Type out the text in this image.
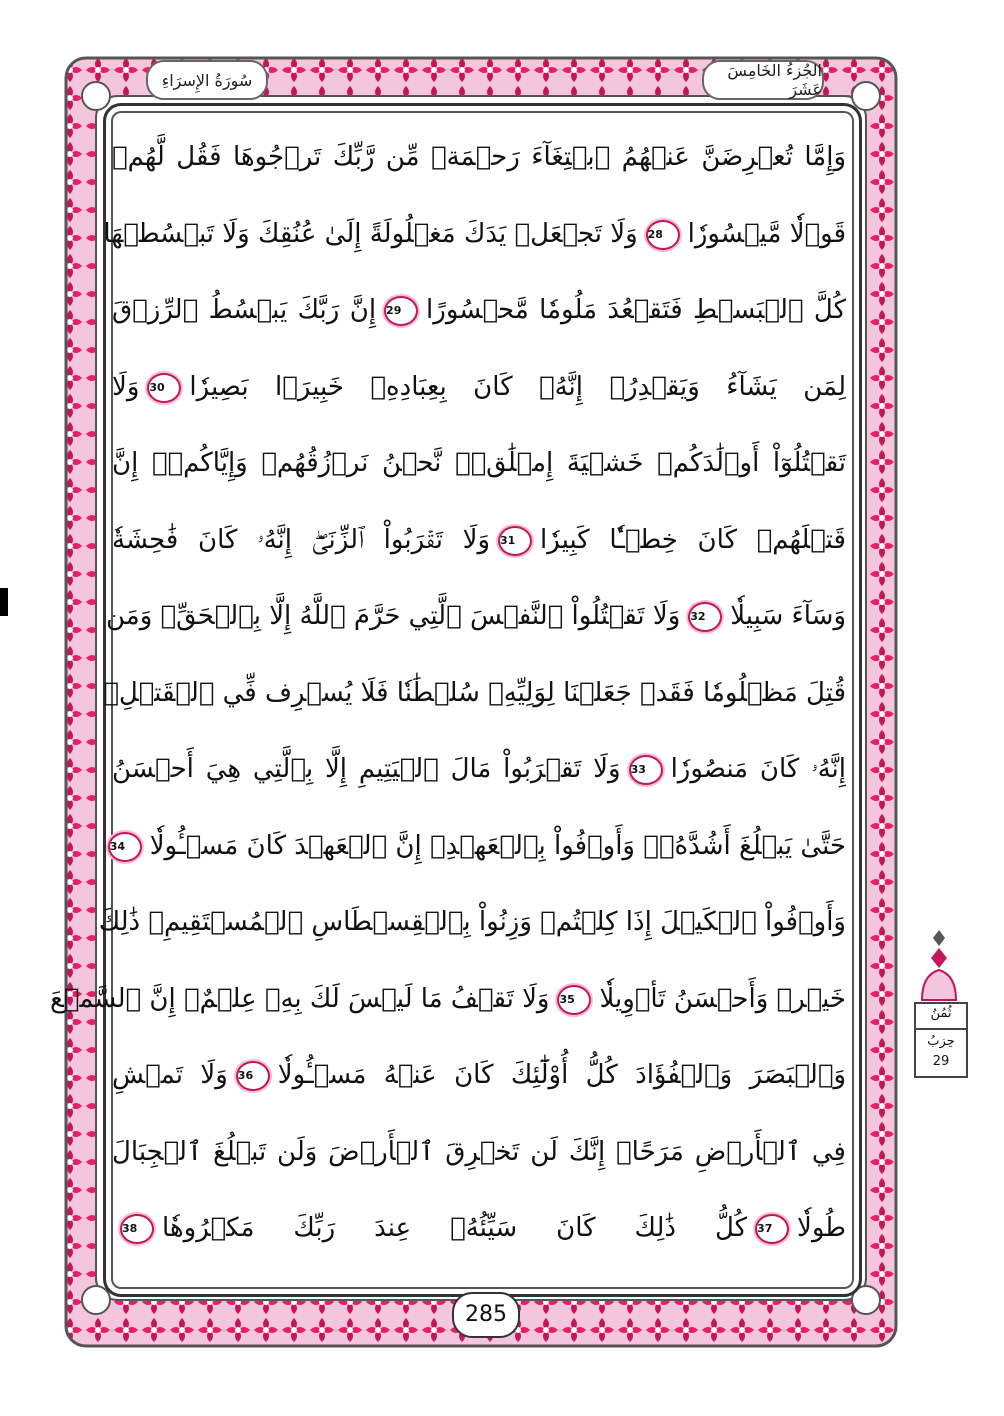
الجُزءُ الخَامِسَ عَشَرَ
سُورَةُ الإِسرَاءِ
وَإِمَّا تُعۡرِضَنَّ عَنۡهُمُ ٱبۡتِغَآءَ رَحۡمَةٖ مِّن رَّبِّكَ تَرۡجُوهَا فَقُل لَّهُمۡ
قَوۡلٗا مَّيۡسُورٗا28وَلَا تَجۡعَلۡ يَدَكَ مَغۡلُولَةً إِلَىٰ عُنُقِكَ وَلَا تَبۡسُطۡهَا
كُلَّ ٱلۡبَسۡطِ فَتَقۡعُدَ مَلُومٗا مَّحۡسُورًا29إِنَّ رَبَّكَ يَبۡسُطُ ٱلرِّزۡقَ
لِمَن يَشَآءُ وَيَقۡدِرُۚ إِنَّهُۥ كَانَ بِعِبَادِهِۦ خَبِيرَۢا بَصِيرٗا30وَلَا
تَقۡتُلُوٓاْ أَوۡلَٰدَكُمۡ خَشۡيَةَ إِمۡلَٰقٖۖ نَّحۡنُ نَرۡزُقُهُمۡ وَإِيَّاكُمۡۚ إِنَّ
قَتۡلَهُمۡ كَانَ خِطۡـٔٗا كَبِيرٗا31وَلَا تَقۡرَبُواْ ٱلزِّنَىٰٓۖ إِنَّهُۥ كَانَ فَٰحِشَةٗ
وَسَآءَ سَبِيلٗا32وَلَا تَقۡتُلُواْ ٱلنَّفۡسَ ٱلَّتِي حَرَّمَ ٱللَّهُ إِلَّا بِٱلۡحَقِّۗ وَمَن
قُتِلَ مَظۡلُومٗا فَقَدۡ جَعَلۡنَا لِوَلِيِّهِۦ سُلۡطَٰنٗا فَلَا يُسۡرِف فِّي ٱلۡقَتۡلِۖ
إِنَّهُۥ كَانَ مَنصُورٗا33وَلَا تَقۡرَبُواْ مَالَ ٱلۡيَتِيمِ إِلَّا بِٱلَّتِي هِيَ أَحۡسَنُ
حَتَّىٰ يَبۡلُغَ أَشُدَّهُۥۚ وَأَوۡفُواْ بِٱلۡعَهۡدِۖ إِنَّ ٱلۡعَهۡدَ كَانَ مَسۡـُٔولٗا34
وَأَوۡفُواْ ٱلۡكَيۡلَ إِذَا كِلۡتُمۡ وَزِنُواْ بِٱلۡقِسۡطَاسِ ٱلۡمُسۡتَقِيمِۚ ذَٰلِكَ
خَيۡرٞ وَأَحۡسَنُ تَأۡوِيلٗا35وَلَا تَقۡفُ مَا لَيۡسَ لَكَ بِهِۦ عِلۡمٌۚ إِنَّ ٱلسَّمۡعَ
وَٱلۡبَصَرَ وَٱلۡفُؤَادَ كُلُّ أُوْلَٰٓئِكَ كَانَ عَنۡهُ مَسۡـُٔولٗا36وَلَا تَمۡشِ
فِي ٱلۡأَرۡضِ مَرَحًاۖ إِنَّكَ لَن تَخۡرِقَ ٱلۡأَرۡضَ وَلَن تَبۡلُغَ ٱلۡجِبَالَ
طُولٗا37كُلُّ ذَٰلِكَ كَانَ سَيِّئُهُۥ عِندَ رَبِّكَ مَكۡرُوهٗا38
285
ثُمُنُ
حِزبُ
29
